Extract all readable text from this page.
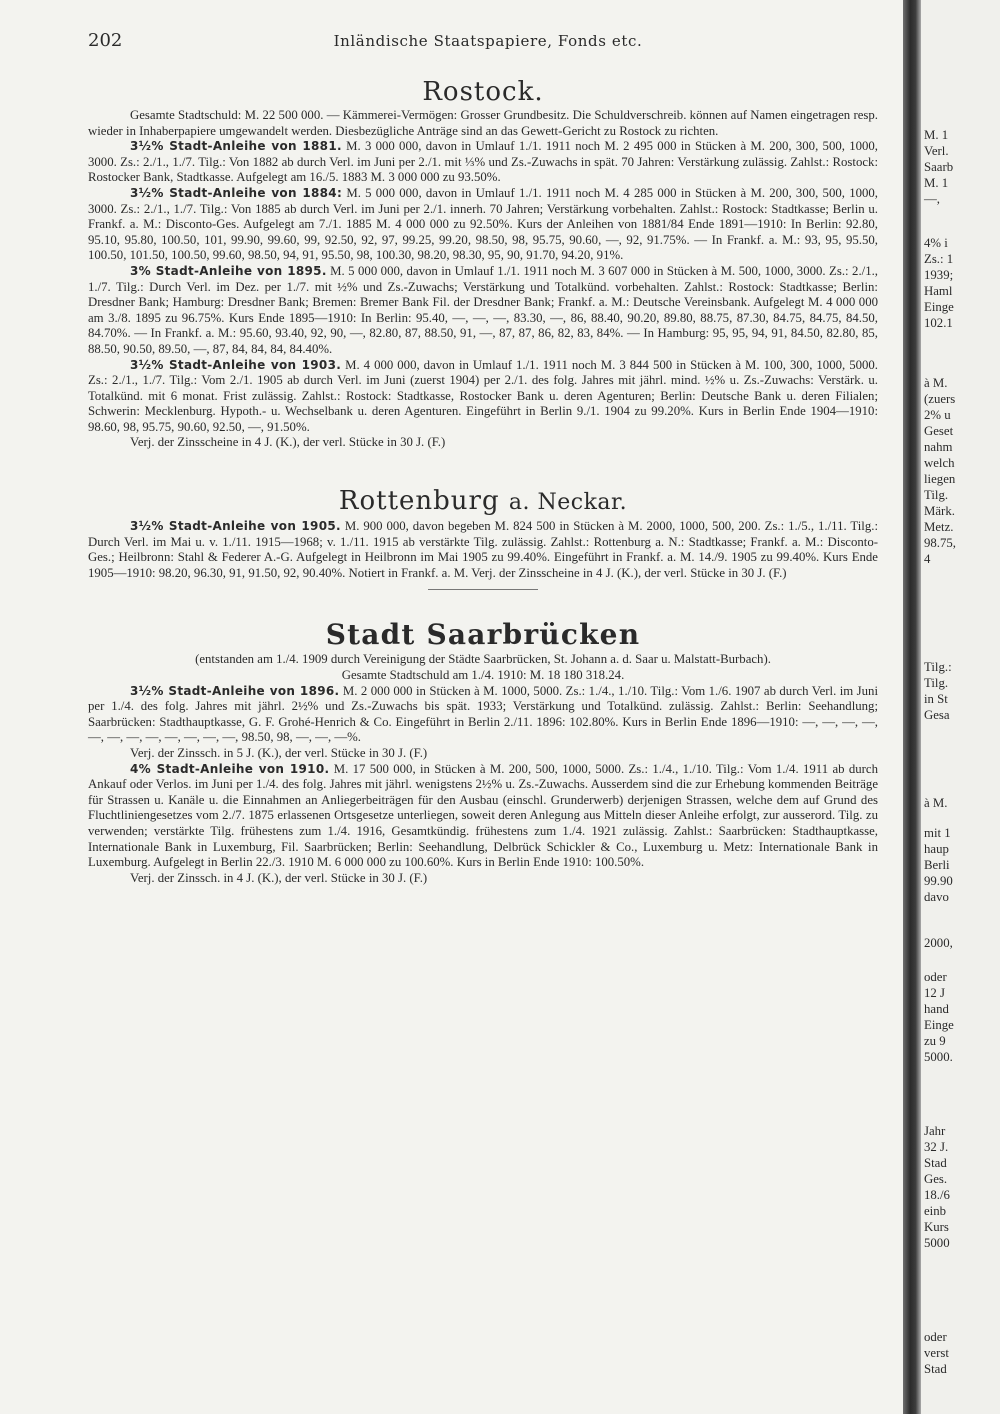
202	Inländische Staatspapiere, Fonds etc.
Rostock.

Gesamte Stadtschuld: M. 22 500 000. — Kämmerei-Vermögen: Grosser Grundbesitz. Die Schuldverschreib. können auf Namen eingetragen resp. wieder in Inhaberpapiere umgewandelt werden. Diesbezügliche Anträge sind an das Gewett-Gericht zu Rostock zu richten.

3½% Stadt-Anleihe von 1881. M. 3 000 000, davon in Umlauf 1./1. 1911 noch M. 2 495 000 in Stücken à M. 200, 300, 500, 1000, 3000. Zs.: 2./1., 1./7. Tilg.: Von 1882 ab durch Verl. im Juni per 2./1. mit ⅓% und Zs.-Zuwachs in spät. 70 Jahren: Verstärkung zulässig. Zahlst.: Rostock: Rostocker Bank, Stadtkasse. Aufgelegt am 16./5. 1883 M. 3 000 000 zu 93.50%.

3½% Stadt-Anleihe von 1884: M. 5 000 000, davon in Umlauf 1./1. 1911 noch M. 4 285 000 in Stücken à M. 200, 300, 500, 1000, 3000. Zs.: 2./1., 1./7. Tilg.: Von 1885 ab durch Verl. im Juni per 2./1. innerh. 70 Jahren; Verstärkung vorbehalten. Zahlst.: Rostock: Stadtkasse; Berlin u. Frankf. a. M.: Disconto-Ges. Aufgelegt am 7./1. 1885 M. 4 000 000 zu 92.50%. Kurs der Anleihen von 1881/84 Ende 1891—1910: In Berlin: 92.80, 95.10, 95.80, 100.50, 101, 99.90, 99.60, 99, 92.50, 92, 97, 99.25, 99.20, 98.50, 98, 95.75, 90.60, —, 92, 91.75%. — In Frankf. a. M.: 93, 95, 95.50, 100.50, 101.50, 100.50, 99.60, 98.50, 94, 91, 95.50, 98, 100.30, 98.20, 98.30, 95, 90, 91.70, 94.20, 91%.

3% Stadt-Anleihe von 1895. M. 5 000 000, davon in Umlauf 1./1. 1911 noch M. 3 607 000 in Stücken à M. 500, 1000, 3000. Zs.: 2./1., 1./7. Tilg.: Durch Verl. im Dez. per 1./7. mit ½% und Zs.-Zuwachs; Verstärkung und Totalkünd. vorbehalten. Zahlst.: Rostock: Stadtkasse; Berlin: Dresdner Bank; Hamburg: Dresdner Bank; Bremen: Bremer Bank Fil. der Dresdner Bank; Frankf. a. M.: Deutsche Vereinsbank. Aufgelegt M. 4 000 000 am 3./8. 1895 zu 96.75%. Kurs Ende 1895—1910: In Berlin: 95.40, —, —, —, 83.30, —, 86, 88.40, 90.20, 89.80, 88.75, 87.30, 84.75, 84.75, 84.50, 84.70%. — In Frankf. a. M.: 95.60, 93.40, 92, 90, —, 82.80, 87, 88.50, 91, —, 87, 87, 86, 82, 83, 84%. — In Hamburg: 95, 95, 94, 91, 84.50, 82.80, 85, 88.50, 90.50, 89.50, —, 87, 84, 84, 84, 84.40%.

3½% Stadt-Anleihe von 1903. M. 4 000 000, davon in Umlauf 1./1. 1911 noch M. 3 844 500 in Stücken à M. 100, 300, 1000, 5000. Zs.: 2./1., 1./7. Tilg.: Vom 2./1. 1905 ab durch Verl. im Juni (zuerst 1904) per 2./1. des folg. Jahres mit jährl. mind. ½% u. Zs.-Zuwachs: Verstärk. u. Totalkünd. mit 6 monat. Frist zulässig. Zahlst.: Rostock: Stadtkasse, Rostocker Bank u. deren Agenturen; Berlin: Deutsche Bank u. deren Filialen; Schwerin: Mecklenburg. Hypoth.- u. Wechselbank u. deren Agenturen. Eingeführt in Berlin 9./1. 1904 zu 99.20%. Kurs in Berlin Ende 1904—1910: 98.60, 98, 95.75, 90.60, 92.50, —, 91.50%.

Verj. der Zinsscheine in 4 J. (K.), der verl. Stücke in 30 J. (F.)

Rottenburg a. Neckar.

3½% Stadt-Anleihe von 1905. M. 900 000, davon begeben M. 824 500 in Stücken à M. 2000, 1000, 500, 200. Zs.: 1./5., 1./11. Tilg.: Durch Verl. im Mai u. v. 1./11. 1915—1968; v. 1./11. 1915 ab verstärkte Tilg. zulässig. Zahlst.: Rottenburg a. N.: Stadtkasse; Frankf. a. M.: Disconto-Ges.; Heilbronn: Stahl & Federer A.-G. Aufgelegt in Heilbronn im Mai 1905 zu 99.40%. Eingeführt in Frankf. a. M. 14./9. 1905 zu 99.40%. Kurs Ende 1905—1910: 98.20, 96.30, 91, 91.50, 92, 90.40%. Notiert in Frankf. a. M. Verj. der Zinsscheine in 4 J. (K.), der verl. Stücke in 30 J. (F.)

Stadt Saarbrücken

(entstanden am 1./4. 1909 durch Vereinigung der Städte Saarbrücken, St. Johann a. d. Saar u. Malstatt-Burbach).

Gesamte Stadtschuld am 1./4. 1910: M. 18 180 318.24.

3½% Stadt-Anleihe von 1896. M. 2 000 000 in Stücken à M. 1000, 5000. Zs.: 1./4., 1./10. Tilg.: Vom 1./6. 1907 ab durch Verl. im Juni per 1./4. des folg. Jahres mit jährl. 2½% und Zs.-Zuwachs bis spät. 1933; Verstärkung und Totalkünd. zulässig. Zahlst.: Berlin: Seehandlung; Saarbrücken: Stadthauptkasse, G. F. Grohé-Henrich & Co. Eingeführt in Berlin 2./11. 1896: 102.80%. Kurs in Berlin Ende 1896—1910: —, —, —, —, —, —, —, —, —, —, —, —, 98.50, 98, —, —, —%.

Verj. der Zinssch. in 5 J. (K.), der verl. Stücke in 30 J. (F.)

4% Stadt-Anleihe von 1910. M. 17 500 000, in Stücken à M. 200, 500, 1000, 5000. Zs.: 1./4., 1./10. Tilg.: Vom 1./4. 1911 ab durch Ankauf oder Verlos. im Juni per 1./4. des folg. Jahres mit jährl. wenigstens 2½% u. Zs.-Zuwachs. Ausserdem sind die zur Erhebung kommenden Beiträge für Strassen u. Kanäle u. die Einnahmen an Anliegerbeiträgen für den Ausbau (einschl. Grunderwerb) derjenigen Strassen, welche dem auf Grund des Fluchtliniengesetzes vom 2./7. 1875 erlassenen Ortsgesetze unterliegen, soweit deren Anlegung aus Mitteln dieser Anleihe erfolgt, zur ausserord. Tilg. zu verwenden; verstärkte Tilg. frühestens zum 1./4. 1916, Gesamtkündig. frühestens zum 1./4. 1921 zulässig. Zahlst.: Saarbrücken: Stadthauptkasse, Internationale Bank in Luxemburg, Fil. Saarbrücken; Berlin: Seehandlung, Delbrück Schickler & Co., Luxemburg u. Metz: Internationale Bank in Luxemburg. Aufgelegt in Berlin 22./3. 1910 M. 6 000 000 zu 100.60%. Kurs in Berlin Ende 1910: 100.50%.

Verj. der Zinssch. in 4 J. (K.), der verl. Stücke in 30 J. (F.)

M. 1
Verl.
Saarb
M. 1
—,
4% i
Zs.: 1
1939;
Haml
Einge
102.1
à M.
(zuers
2% u
Geset
nahm
welch
liegen
Tilg.
Märk.
Metz.
98.75,
4
Tilg.:
Tilg.
in St
Gesa
à M.
mit 1
haup
Berli
99.90
davo
2000,
oder
12 J
hand
Einge
zu 9
5000.
Jahr
32 J.
Stad
Ges.
18./6
einb
Kurs
5000
oder
verst
Stad
